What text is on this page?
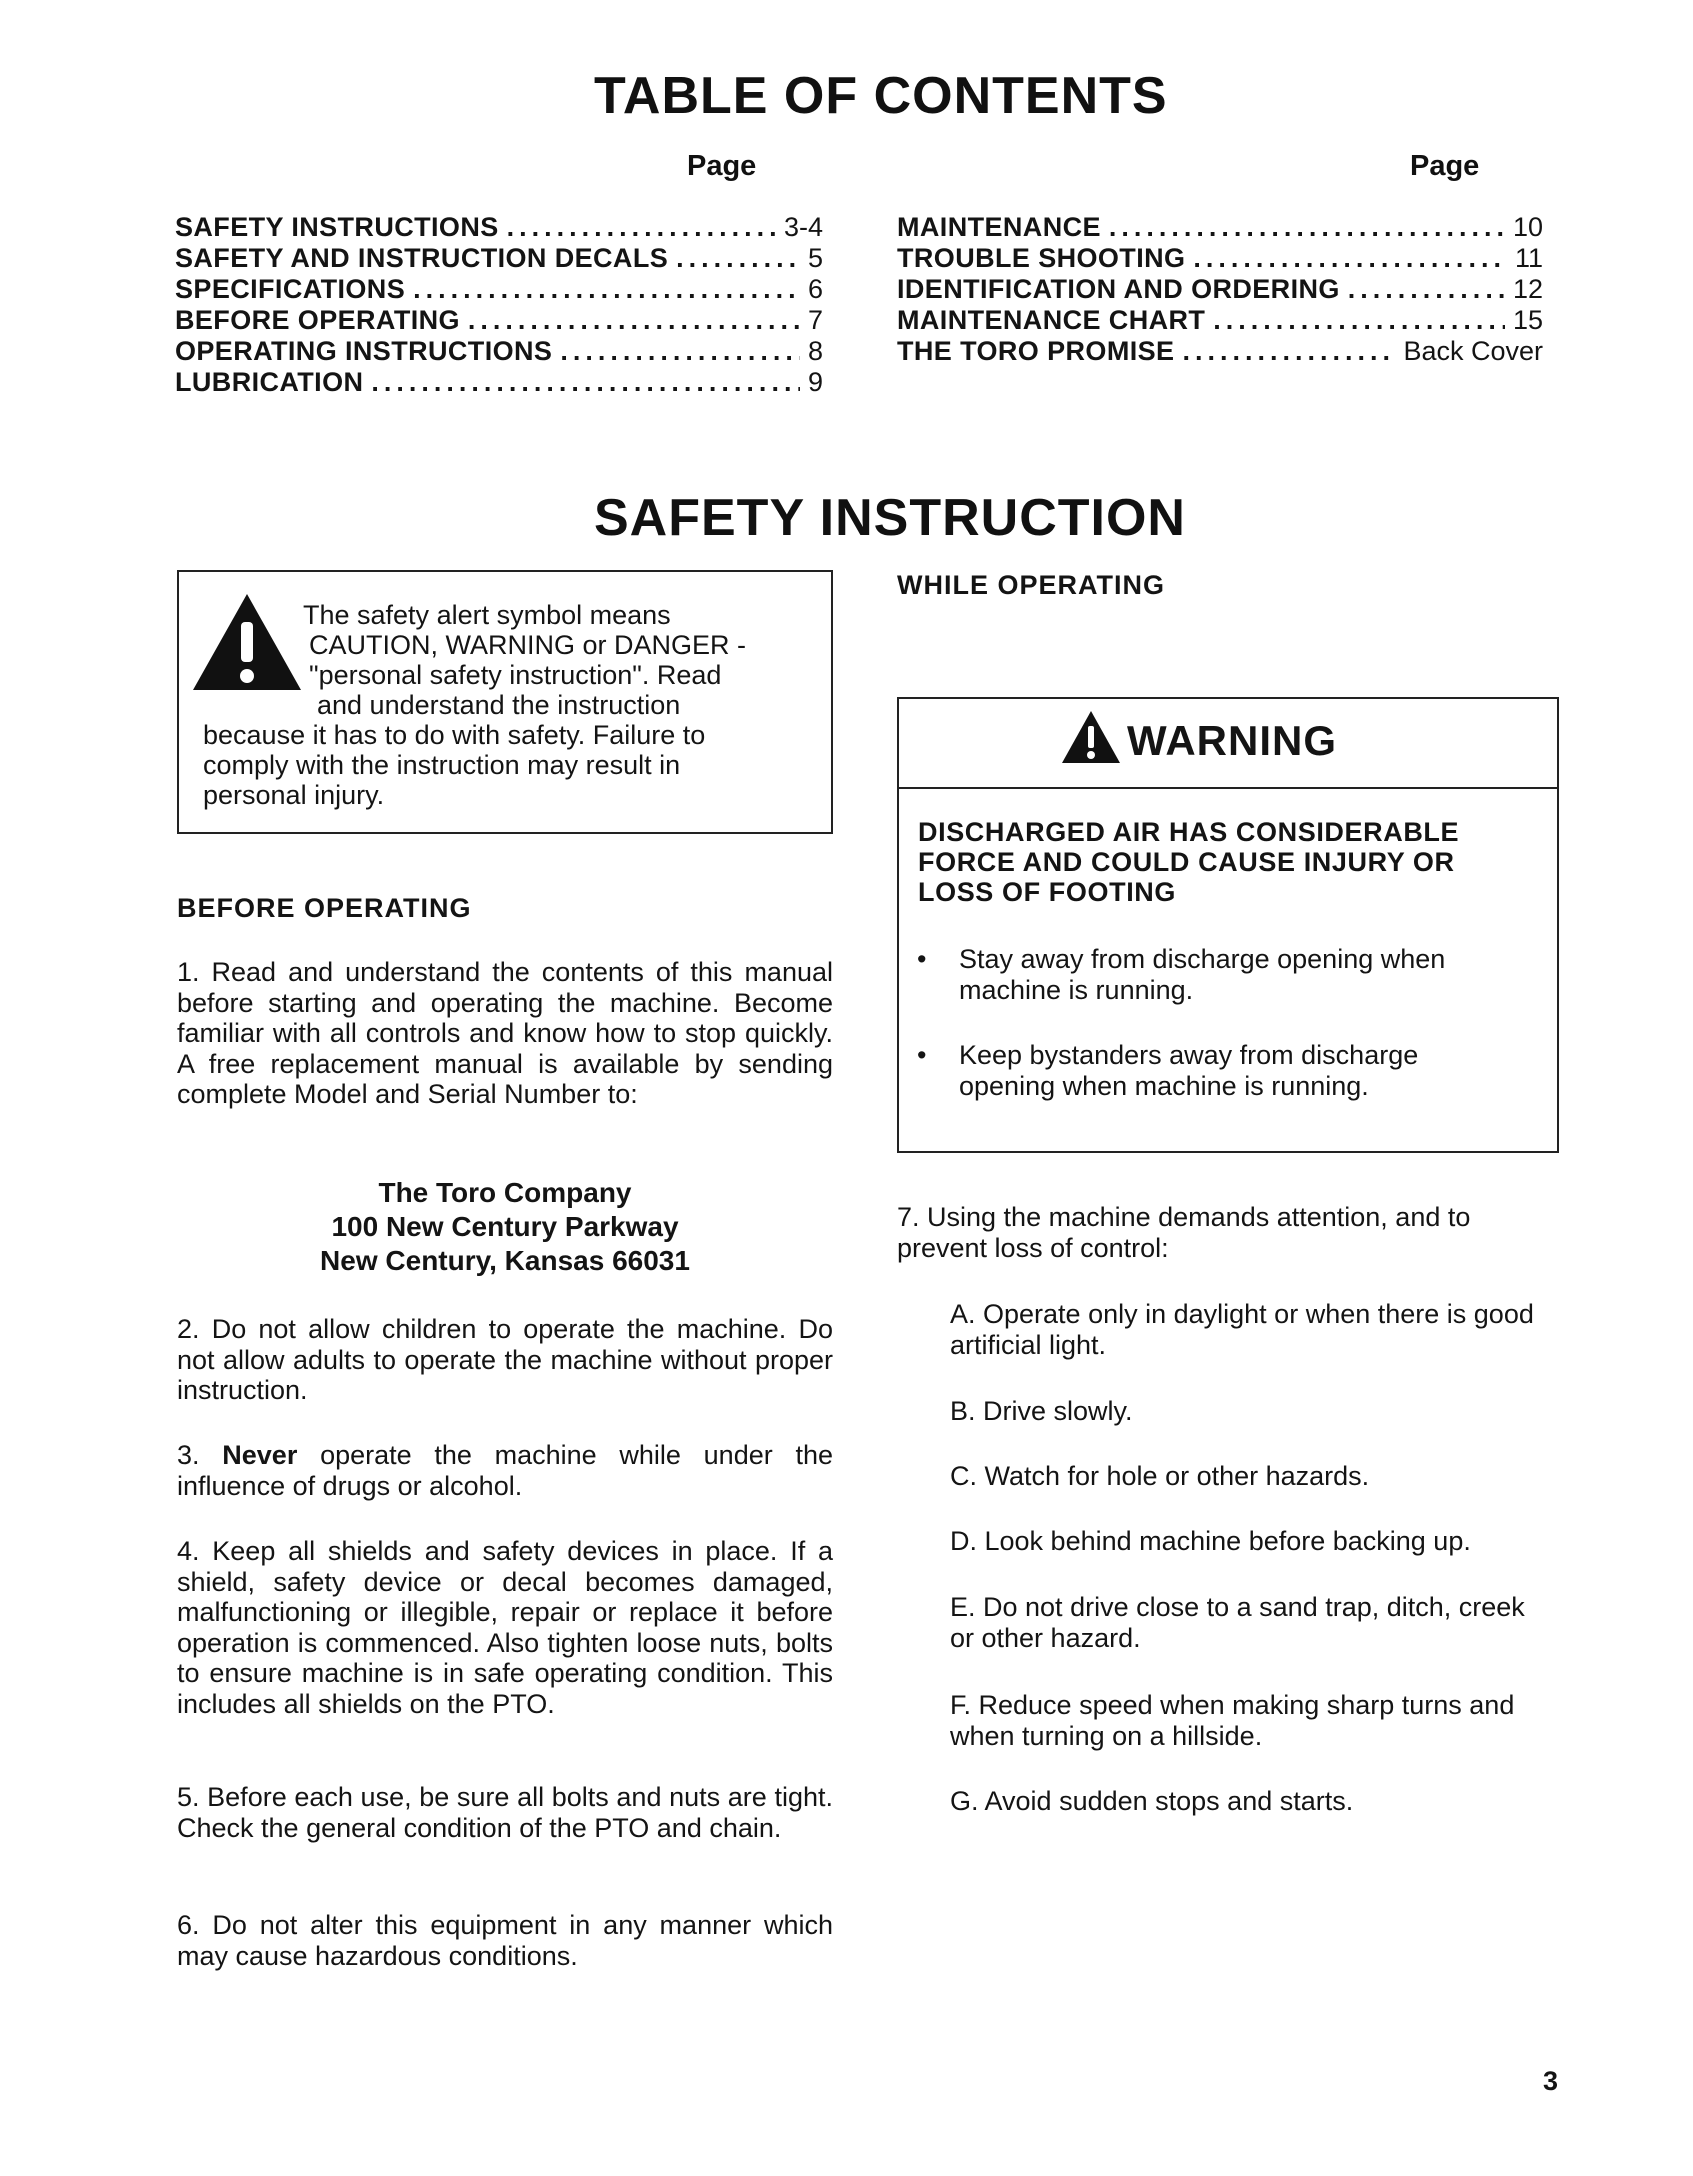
TABLE OF CONTENTS
Page	Page
SAFETY INSTRUCTIONS .....	3-4
SAFETY AND INSTRUCTION DECALS .....	5
SPECIFICATIONS .....	6
BEFORE OPERATING .....	7
OPERATING INSTRUCTIONS .....	8
LUBRICATION .....	9
MAINTENANCE .....	10
TROUBLE SHOOTING .....	11
IDENTIFICATION AND ORDERING .....	12
MAINTENANCE CHART .....	15
THE TORO PROMISE .....	Back Cover
SAFETY INSTRUCTION
The safety alert symbol means
CAUTION, WARNING or DANGER -
"personal safety instruction". Read
and understand the instruction
because it has to do with safety. Failure to
comply with the instruction may result in
personal injury.
BEFORE OPERATING
1. Read and understand the contents of this manual before starting and operating the machine. Become familiar with all controls and know how to stop quickly. A free replacement manual is available by sending complete Model and Serial Number to:
The Toro Company
100 New Century Parkway
New Century, Kansas 66031
2. Do not allow children to operate the machine. Do not allow adults to operate the machine without proper instruction.
3. Never operate the machine while under the influence of drugs or alcohol.
4. Keep all shields and safety devices in place. If a shield, safety device or decal becomes damaged, malfunctioning or illegible, repair or replace it before operation is commenced. Also tighten loose nuts, bolts to ensure machine is in safe operating condition. This includes all shields on the PTO.
5. Before each use, be sure all bolts and nuts are tight. Check the general condition of the PTO and chain.
6. Do not alter this equipment in any manner which may cause hazardous conditions.
WHILE OPERATING
WARNING
DISCHARGED AIR HAS CONSIDERABLE FORCE AND COULD CAUSE INJURY OR LOSS OF FOOTING
• Stay away from discharge opening when machine is running.
• Keep bystanders away from discharge opening when machine is running.
7. Using the machine demands attention, and to prevent loss of control:
A. Operate only in daylight or when there is good artificial light.
B. Drive slowly.
C. Watch for hole or other hazards.
D. Look behind machine before backing up.
E. Do not drive close to a sand trap, ditch, creek or other hazard.
F. Reduce speed when making sharp turns and when turning on a hillside.
G. Avoid sudden stops and starts.
3
